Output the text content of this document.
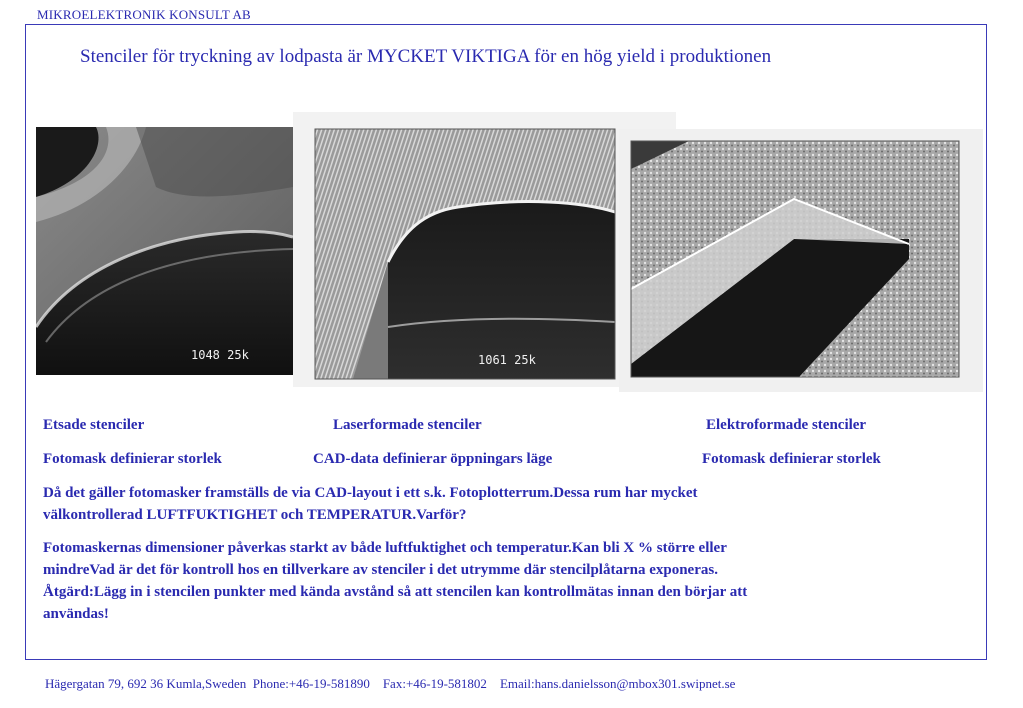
MIKROELEKTRONIK KONSULT AB
Stenciler för tryckning av lodpasta är MYCKET VIKTIGA för en hög yield i produktionen
1048 25k	1061 25k
Etsade stenciler	Laserformade stenciler	Elektroformade stenciler
Fotomask definierar storlek	CAD-data definierar öppningars läge	Fotomask definierar storlek
Då det gäller fotomasker framställs de via CAD-layout i ett s.k. Fotoplotterrum.Dessa rum har mycket
välkontrollerad LUFTFUKTIGHET och TEMPERATUR.Varför?
Fotomaskernas dimensioner påverkas starkt av både luftfuktighet och temperatur.Kan bli X % större eller
mindreVad är det för kontroll hos en tillverkare av stenciler i det utrymme där stencilplåtarna exponeras.
Åtgärd:Lägg in i stencilen punkter med kända avstånd så att stencilen kan kontrollmätas innan den börjar att
användas!
Hägergatan 79, 692 36 Kumla,Sweden Phone:+46-19-581890 Fax:+46-19-581802 Email:hans.danielsson@mbox301.swipnet.se
